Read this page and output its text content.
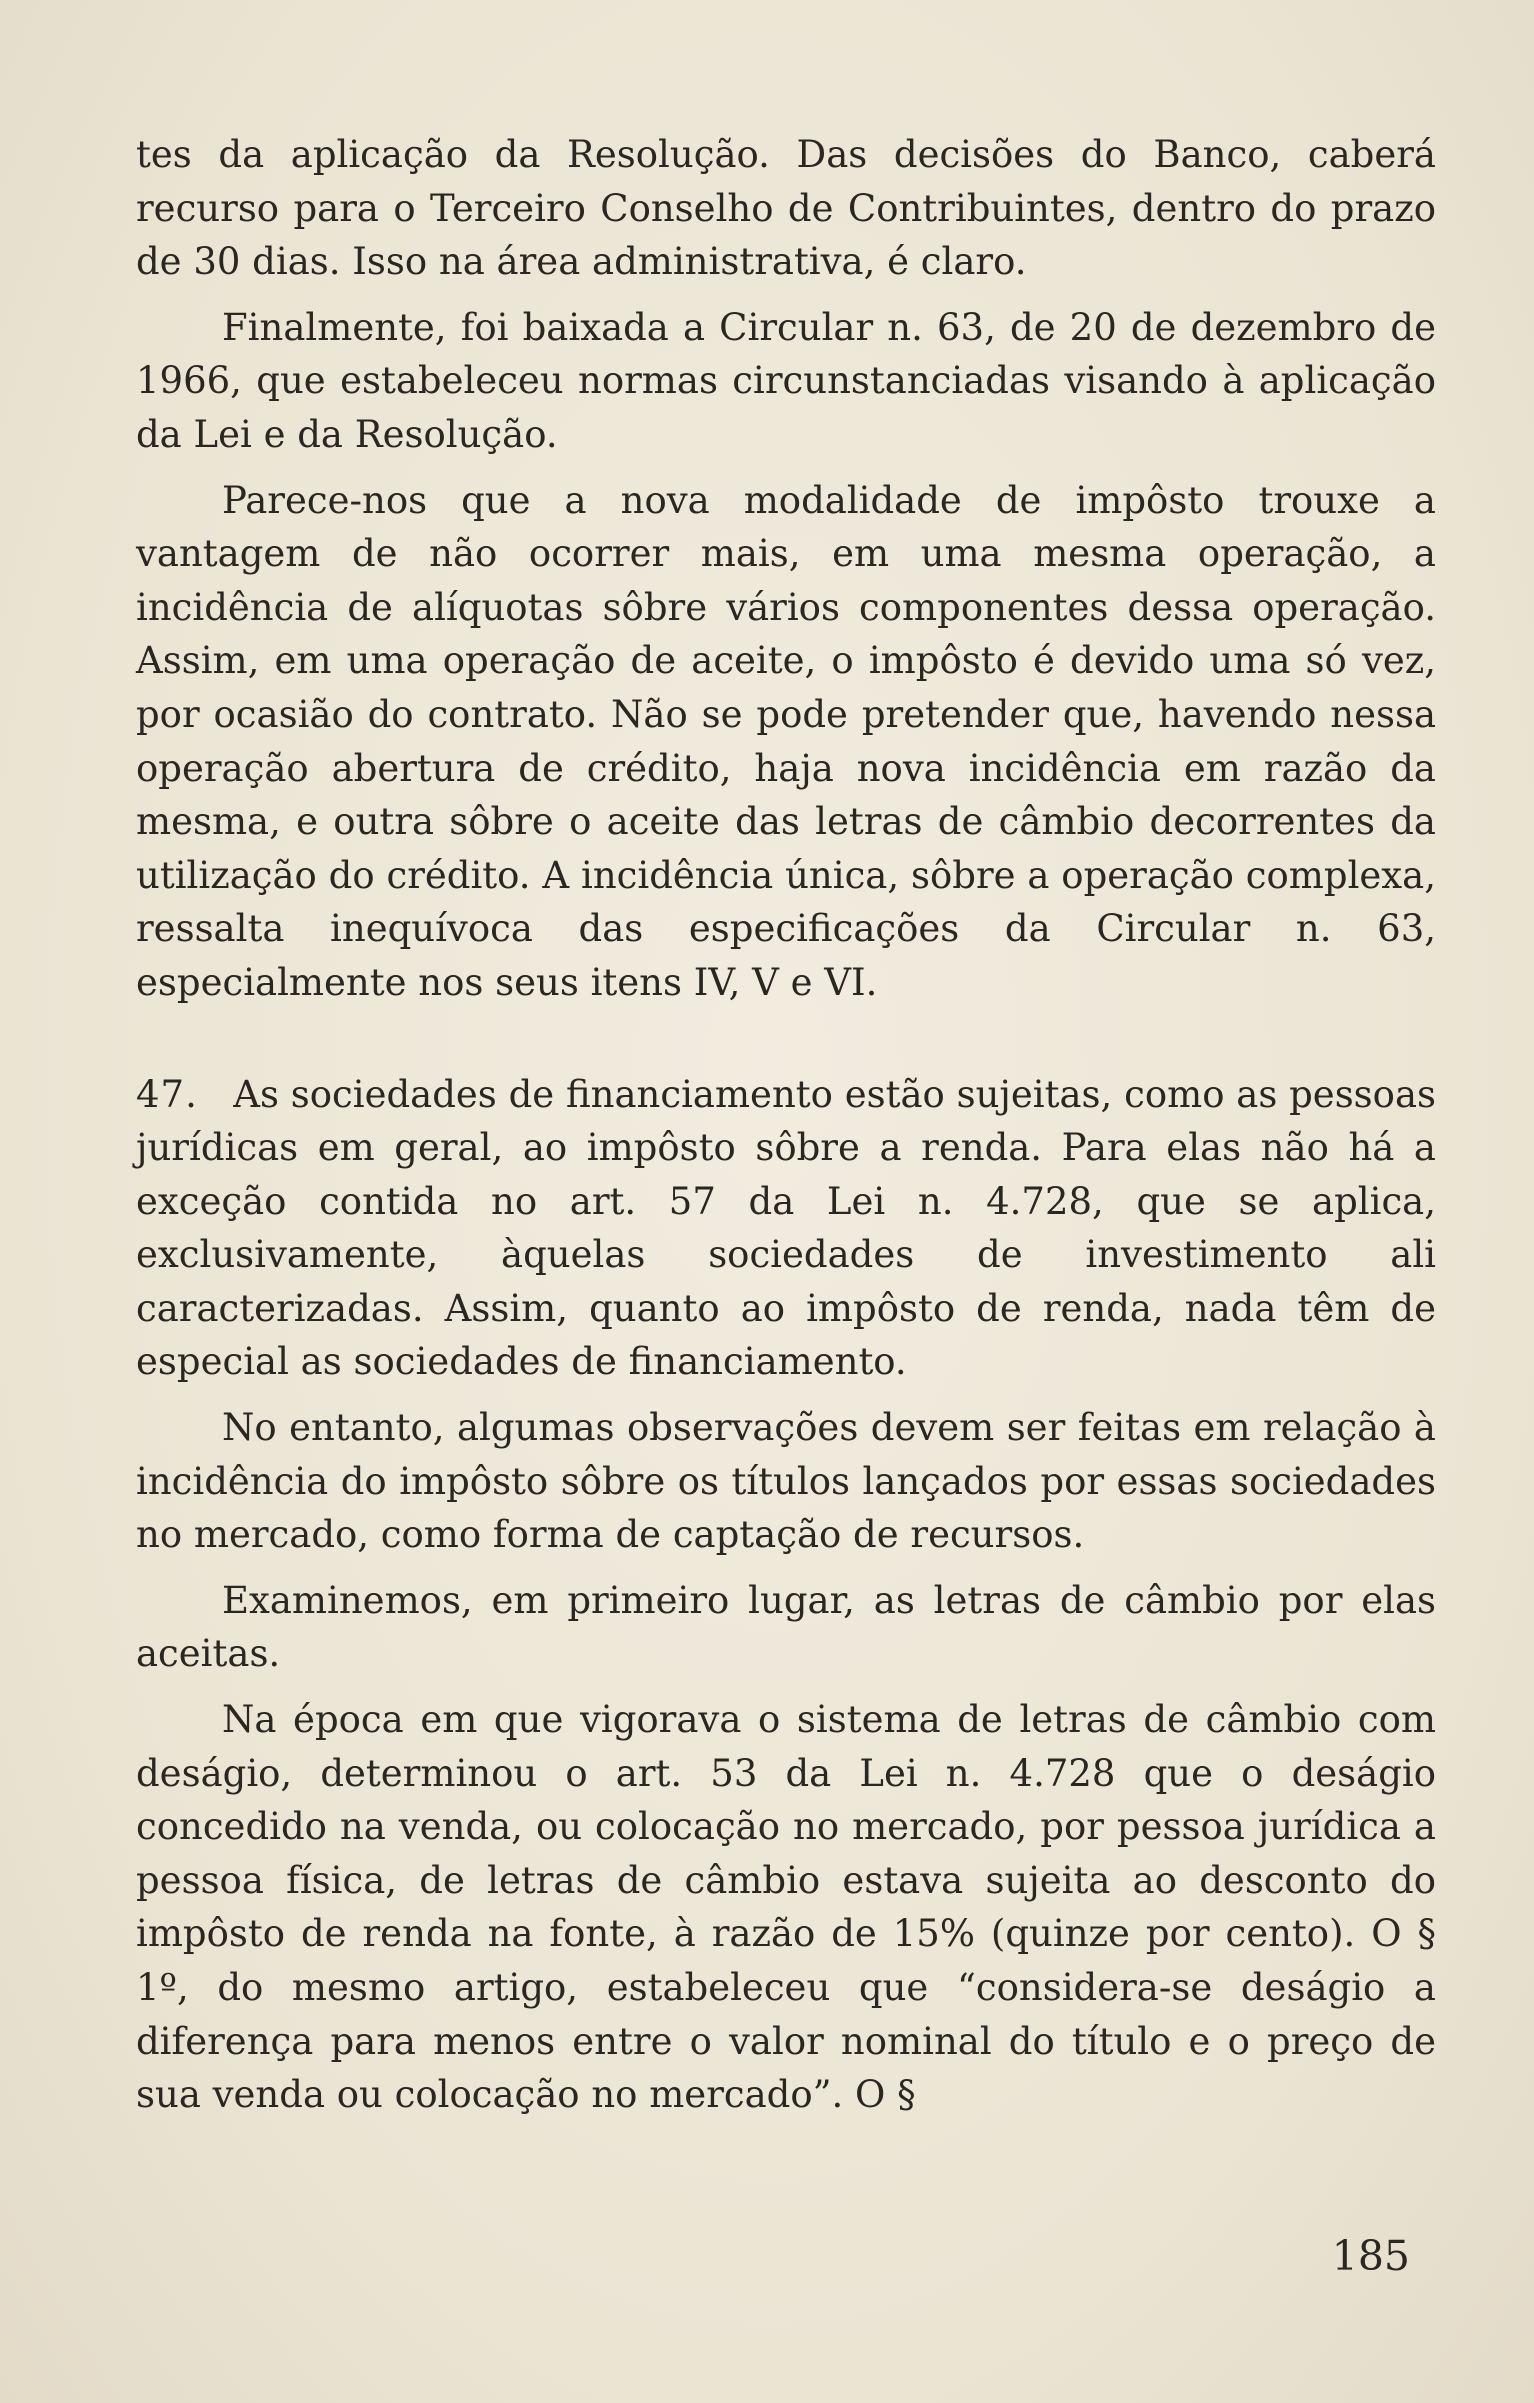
tes da aplicação da Resolução. Das decisões do Banco, caberá recurso para o Terceiro Conselho de Contribuintes, dentro do prazo de 30 dias. Isso na área administrativa, é claro.

Finalmente, foi baixada a Circular n. 63, de 20 de dezembro de 1966, que estabeleceu normas circunstanciadas visando à aplicação da Lei e da Resolução.

Parece-nos que a nova modalidade de impôsto trouxe a vantagem de não ocorrer mais, em uma mesma operação, a incidência de alíquotas sôbre vários componentes dessa operação. Assim, em uma operação de aceite, o impôsto é devido uma só vez, por ocasião do contrato. Não se pode pretender que, havendo nessa operação abertura de crédito, haja nova incidência em razão da mesma, e outra sôbre o aceite das letras de câmbio decorrentes da utilização do crédito. A incidência única, sôbre a operação complexa, ressalta inequívoca das especificações da Circular n. 63, especialmente nos seus itens IV, V e VI.

47. As sociedades de financiamento estão sujeitas, como as pessoas jurídicas em geral, ao impôsto sôbre a renda. Para elas não há a exceção contida no art. 57 da Lei n. 4.728, que se aplica, exclusivamente, àquelas sociedades de investimento ali caracterizadas. Assim, quanto ao impôsto de renda, nada têm de especial as sociedades de financiamento.

No entanto, algumas observações devem ser feitas em relação à incidência do impôsto sôbre os títulos lançados por essas sociedades no mercado, como forma de captação de recursos.

Examinemos, em primeiro lugar, as letras de câmbio por elas aceitas.

Na época em que vigorava o sistema de letras de câmbio com deságio, determinou o art. 53 da Lei n. 4.728 que o deságio concedido na venda, ou colocação no mercado, por pessoa jurídica a pessoa física, de letras de câmbio estava sujeita ao desconto do impôsto de renda na fonte, à razão de 15% (quinze por cento). O § 1º, do mesmo artigo, estabeleceu que “considera-se deságio a diferença para menos entre o valor nominal do título e o preço de sua venda ou colocação no mercado”. O §

185
